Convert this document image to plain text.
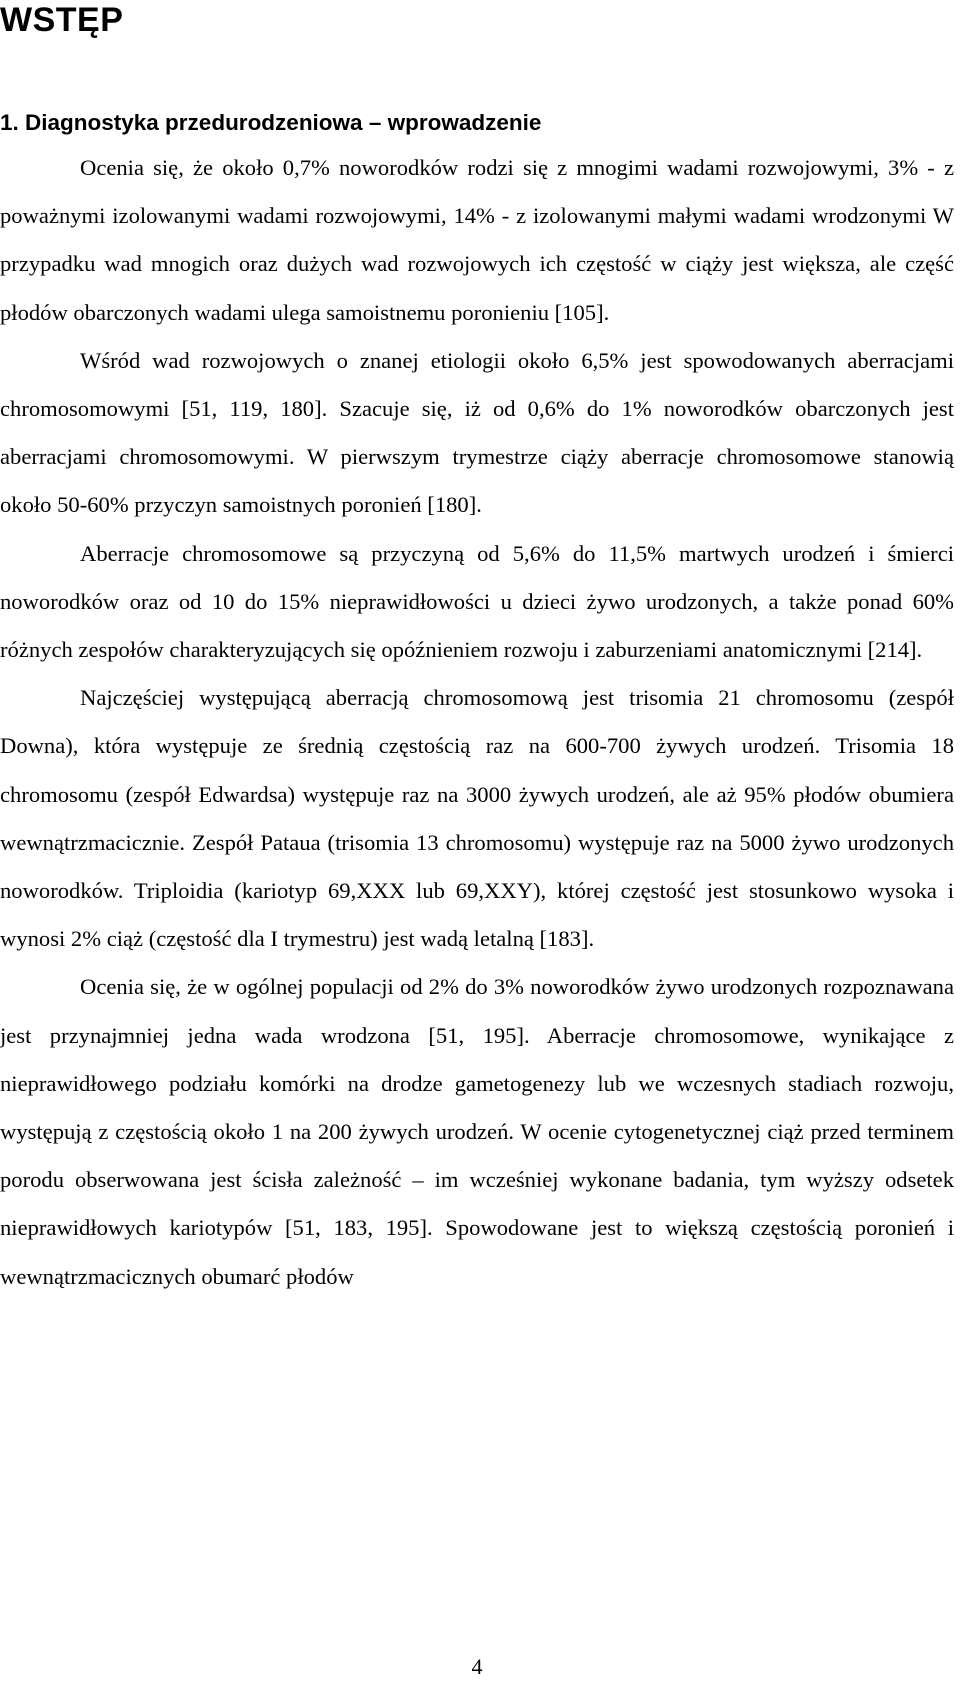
WSTĘP
1. Diagnostyka przedurodzeniowa – wprowadzenie

Ocenia się, że około 0,7% noworodków rodzi się z mnogimi wadami rozwojowymi, 3% - z poważnymi izolowanymi wadami rozwojowymi, 14% - z izolowanymi małymi wadami wrodzonymi W przypadku wad mnogich oraz dużych wad rozwojowych ich częstość w ciąży jest większa, ale część płodów obarczonych wadami ulega samoistnemu poronieniu [105].

Wśród wad rozwojowych o znanej etiologii około 6,5% jest spowodowanych aberracjami chromosomowymi [51, 119, 180]. Szacuje się, iż od 0,6% do 1% noworodków obarczonych jest aberracjami chromosomowymi. W pierwszym trymestrze ciąży aberracje chromosomowe stanowią około 50-60% przyczyn samoistnych poronień [180].

Aberracje chromosomowe są przyczyną od 5,6% do 11,5% martwych urodzeń i śmierci noworodków oraz od 10 do 15% nieprawidłowości u dzieci żywo urodzonych, a także ponad 60% różnych zespołów charakteryzujących się opóźnieniem rozwoju i zaburzeniami anatomicznymi [214].

Najczęściej występującą aberracją chromosomową jest trisomia 21 chromosomu (zespół Downa), która występuje ze średnią częstością raz na 600-700 żywych urodzeń. Trisomia 18 chromosomu (zespół Edwardsa) występuje raz na 3000 żywych urodzeń, ale aż 95% płodów obumiera wewnątrzmacicznie. Zespół Pataua (trisomia 13 chromosomu) występuje raz na 5000 żywo urodzonych noworodków. Triploidia (kariotyp 69,XXX lub 69,XXY), której częstość jest stosunkowo wysoka i wynosi 2% ciąż (częstość dla I trymestru) jest wadą letalną [183].

Ocenia się, że w ogólnej populacji od 2% do 3% noworodków żywo urodzonych rozpoznawana jest przynajmniej jedna wada wrodzona [51, 195]. Aberracje chromosomowe, wynikające z nieprawidłowego podziału komórki na drodze gametogenezy lub we wczesnych stadiach rozwoju, występują z częstością około 1 na 200 żywych urodzeń. W ocenie cytogenetycznej ciąż przed terminem porodu obserwowana jest ścisła zależność – im wcześniej wykonane badania, tym wyższy odsetek nieprawidłowych kariotypów [51, 183, 195]. Spowodowane jest to większą częstością poronień i wewnątrzmacicznych obumarć płodów

4
